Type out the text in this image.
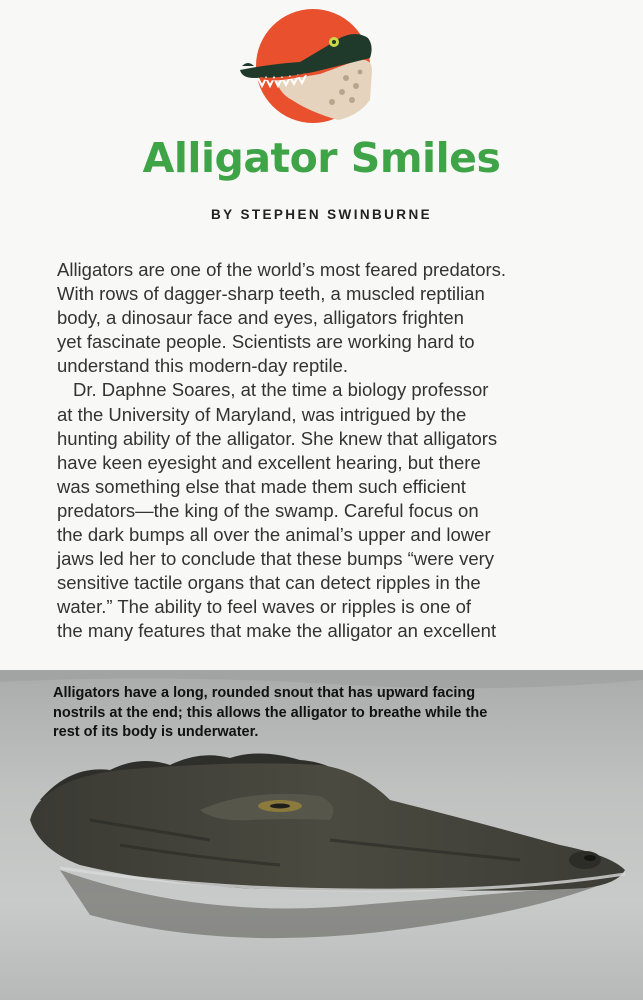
Alligator Smiles
BY STEPHEN SWINBURNE
Alligators are one of the world’s most feared predators.
With rows of dagger-sharp teeth, a muscled reptilian
body, a dinosaur face and eyes, alligators frighten
yet fascinate people. Scientists are working hard to
understand this modern-day reptile.
Dr. Daphne Soares, at the time a biology professor
at the University of Maryland, was intrigued by the
hunting ability of the alligator. She knew that alligators
have keen eyesight and excellent hearing, but there
was something else that made them such efficient
predators—the king of the swamp. Careful focus on
the dark bumps all over the animal’s upper and lower
jaws led her to conclude that these bumps “were very
sensitive tactile organs that can detect ripples in the
water.” The ability to feel waves or ripples is one of
the many features that make the alligator an excellent
Alligators have a long, rounded snout that has upward facing
nostrils at the end; this allows the alligator to breathe while the
rest of its body is underwater.
